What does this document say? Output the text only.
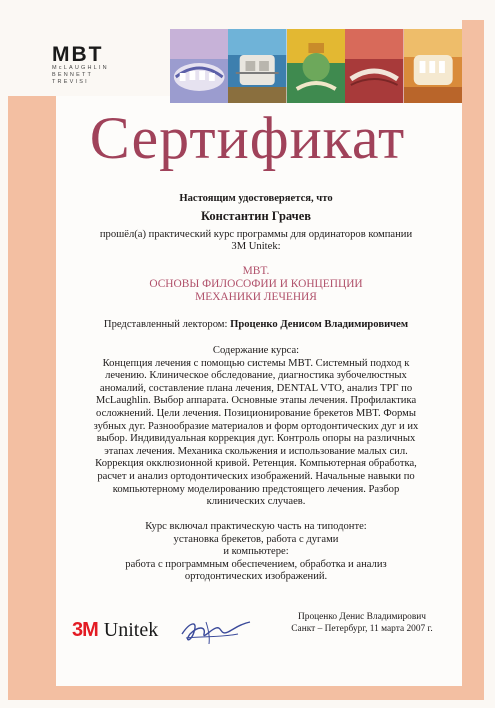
MBT
McLAUGHLIN
BENNETT
TREVISI
Сертификат
Настоящим удостоверяется, что
Константин Грачев
прошёл(а) практический курс программы для ординаторов компании
3M Unitek:
MBT.
ОСНОВЫ ФИЛОСОФИИ И КОНЦЕПЦИИ
МЕХАНИКИ ЛЕЧЕНИЯ
Представленный лектором: Проценко Денисом Владимировичем
Содержание курса:
Концепция лечения с помощью системы MBT. Системный подход к
лечению. Клиническое обследование, диагностика зубочелюстных
аномалий, составление плана лечения, DENTAL VTO, анализ ТРГ по
McLaughlin. Выбор аппарата. Основные этапы лечения. Профилактика
осложнений. Цели лечения. Позиционирование брекетов MBT. Формы
зубных дуг. Разнообразие материалов и форм ортодонтических дуг и их
выбор. Индивидуальная коррекция дуг. Контроль опоры на различных
этапах лечения. Механика скольжения и использование малых сил.
Коррекция окклюзионной кривой. Ретенция. Компьютерная обработка,
расчет и анализ ортодонтических изображений. Начальные навыки по
компьютерному моделированию предстоящего лечения. Разбор
клинических случаев.
Курс включал практическую часть на типодонте:
установка брекетов, работа с дугами
и компьютере:
работа с программным обеспечением, обработка и анализ
ортодонтических изображений.
3M Unitek
Проценко Денис Владимирович
Санкт – Петербург, 11 марта 2007 г.
